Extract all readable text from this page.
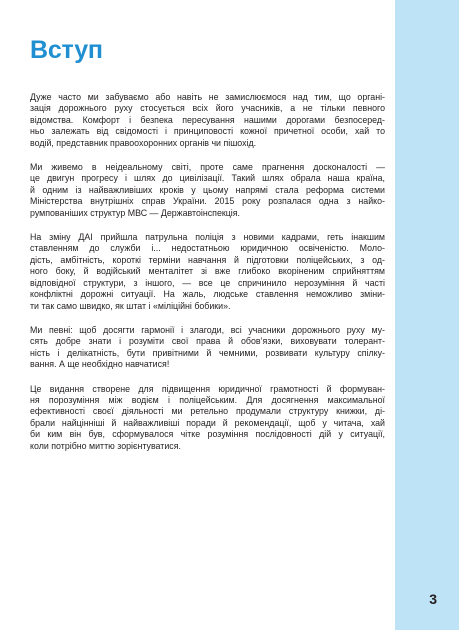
Вступ

Дуже часто ми забуваємо або навіть не замислюємося над тим, що органі-
зація дорожнього руху стосується всіх його учасників, а не тільки певного
відомства. Комфорт і безпека пересування нашими дорогами безпосеред-
ньо залежать від свідомості і принциповості кожної причетної особи, хай то
водій, представник правоохоронних органів чи пішохід.

Ми живемо в неідеальному світі, проте саме прагнення досконалості —
це двигун прогресу і шлях до цивілізації. Такий шлях обрала наша країна,
й одним із найважливіших кроків у цьому напрямі стала реформа системи
Міністерства внутрішніх справ України. 2015 року розпалася одна з найко-
румпованіших структур МВС — Державтоінспекція.

На зміну ДАІ прийшла патрульна поліція з новими кадрами, геть інакшим
ставленням до служби і... недостатньою юридичною освіченістю. Моло-
дість, амбітність, короткі терміни навчання й підготовки поліцейських, з од-
ного боку, й водійський менталітет зі вже глибоко вкоріненим сприйняттям
відповідної структури, з іншого, — все це спричинило нерозуміння й часті
конфліктні дорожні ситуації. На жаль, людське ставлення неможливо зміни-
ти так само швидко, як штат і «міліційні бобики».

Ми певні: щоб досягти гармонії і злагоди, всі учасники дорожнього руху му-
сять добре знати і розуміти свої права й обов’язки, виховувати толерант-
ність і делікатність, бути привітними й чемними, розвивати культуру спілку-
вання. А ще необхідно навчатися!

Це видання створене для підвищення юридичної грамотності й формуван-
ня порозуміння між водієм і поліцейським. Для досягнення максимальної
ефективності своєї діяльності ми ретельно продумали структуру книжки, ді-
брали найцінніші й найважливіші поради й рекомендації, щоб у читача, хай
би ким він був, сформувалося чітке розуміння послідовності дій у ситуації,
коли потрібно миттю зорієнтуватися.

3
